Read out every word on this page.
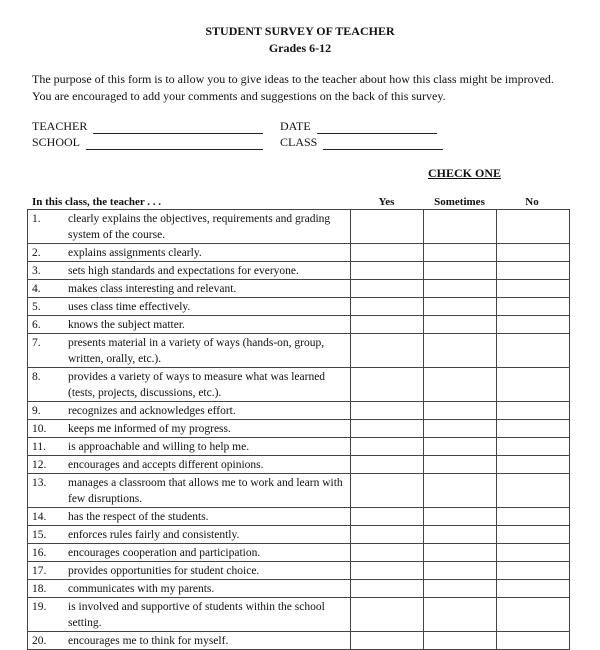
STUDENT SURVEY OF TEACHER
Grades 6-12
The purpose of this form is to allow you to give ideas to the teacher about how this class might be improved.
You are encouraged to add your comments and suggestions on the back of this survey.
TEACHER
SCHOOL
DATE
CLASS
CHECK ONE
In this class, the teacher . . .	Yes	Sometimes	No
1. clearly explains the objectives, requirements and grading system of the course.			

2. explains assignments clearly.			

3. sets high standards and expectations for everyone.			

4. makes class interesting and relevant.			

5. uses class time effectively.			

6. knows the subject matter.			

7. presents material in a variety of ways (hands-on, group, written, orally, etc.).			

8. provides a variety of ways to measure what was learned (tests, projects, discussions, etc.).			

9. recognizes and acknowledges effort.			

10. keeps me informed of my progress.			

11. is approachable and willing to help me.			

12. encourages and accepts different opinions.			

13. manages a classroom that allows me to work and learn with few disruptions.			

14. has the respect of the students.			

15. enforces rules fairly and consistently.			

16. encourages cooperation and participation.			

17. provides opportunities for student choice.			

18. communicates with my parents.			

19. is involved and supportive of students within the school setting.			

20. encourages me to think for myself.			
